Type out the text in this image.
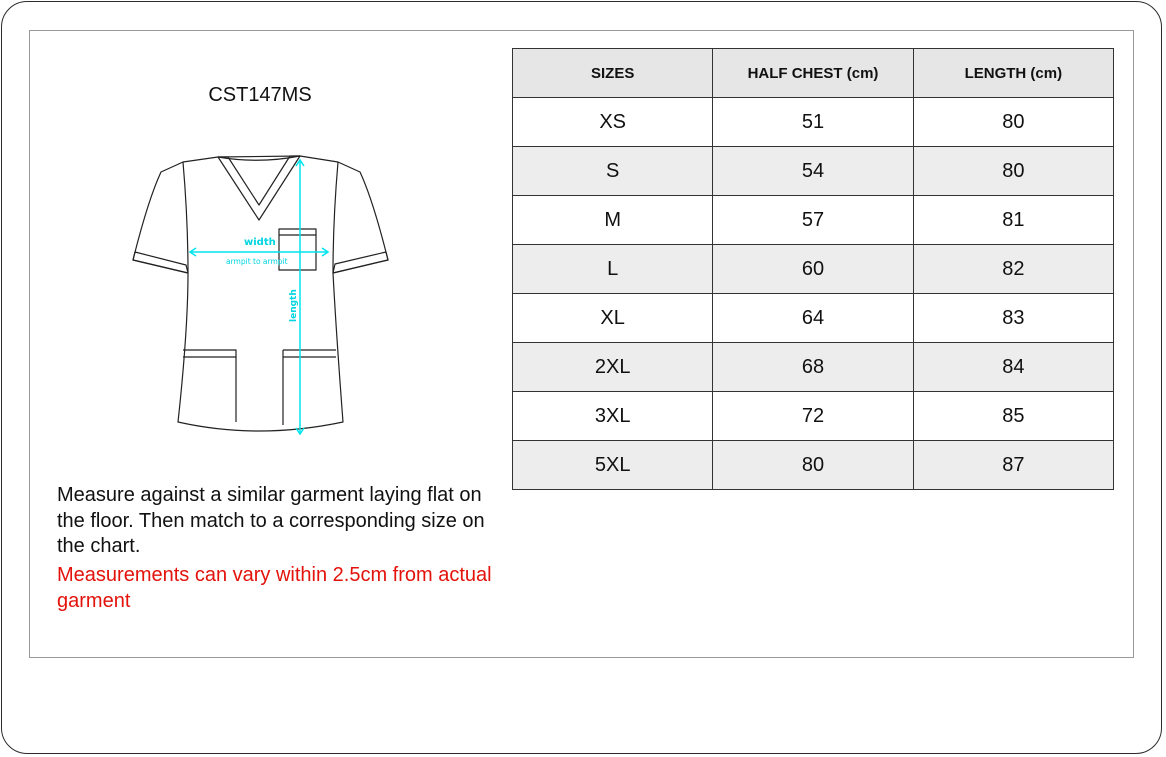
CST147MS
width
armpit to armpit
length
Measure against a similar garment laying flat on the floor. Then match to a corresponding size on the chart.
Measurements can vary within 2.5cm from actual garment
SIZES	HALF CHEST (cm)	LENGTH (cm)
XS	51	80
S	54	80
M	57	81
L	60	82
XL	64	83
2XL	68	84
3XL	72	85
5XL	80	87
